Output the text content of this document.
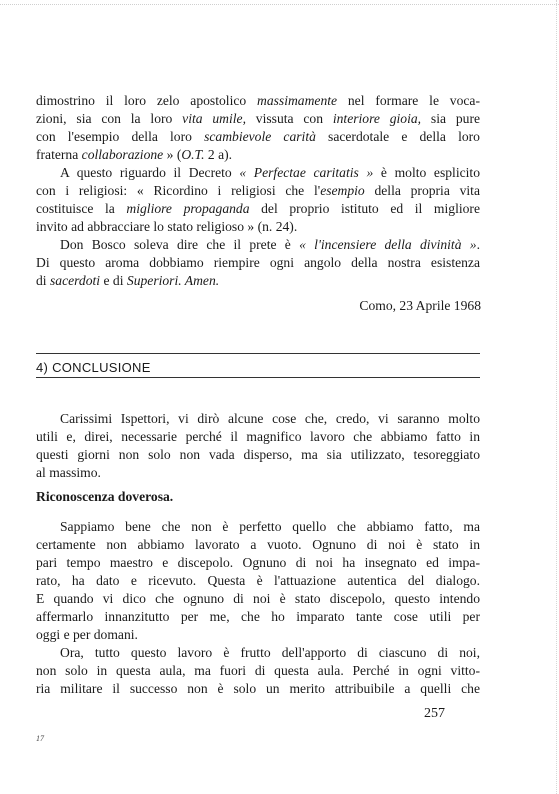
dimostrino il loro zelo apostolico massimamente nel formare le voca-
zioni, sia con la loro vita umile, vissuta con interiore gioia, sia pure
con l'esempio della loro scambievole carità sacerdotale e della loro
fraterna collaborazione » (O.T. 2 a).
A questo riguardo il Decreto « Perfectae caritatis » è molto esplicito
con i religiosi: « Ricordino i religiosi che l'esempio della propria vita
costituisce la migliore propaganda del proprio istituto ed il migliore
invito ad abbracciare lo stato religioso » (n. 24).
Don Bosco soleva dire che il prete è « l'incensiere della divinità ».
Di questo aroma dobbiamo riempire ogni angolo della nostra esistenza
di sacerdoti e di Superiori. Amen.
Como, 23 Aprile 1968
4) CONCLUSIONE
Carissimi Ispettori, vi dirò alcune cose che, credo, vi saranno molto
utili e, direi, necessarie perché il magnifico lavoro che abbiamo fatto in
questi giorni non solo non vada disperso, ma sia utilizzato, tesoreggiato
al massimo.
Riconoscenza doverosa.
Sappiamo bene che non è perfetto quello che abbiamo fatto, ma
certamente non abbiamo lavorato a vuoto. Ognuno di noi è stato in
pari tempo maestro e discepolo. Ognuno di noi ha insegnato ed impa-
rato, ha dato e ricevuto. Questa è l'attuazione autentica del dialogo.
E quando vi dico che ognuno di noi è stato discepolo, questo intendo
affermarlo innanzitutto per me, che ho imparato tante cose utili per
oggi e per domani.
Ora, tutto questo lavoro è frutto dell'apporto di ciascuno di noi,
non solo in questa aula, ma fuori di questa aula. Perché in ogni vitto-
ria militare il successo non è solo un merito attribuibile a quelli che
257
17
